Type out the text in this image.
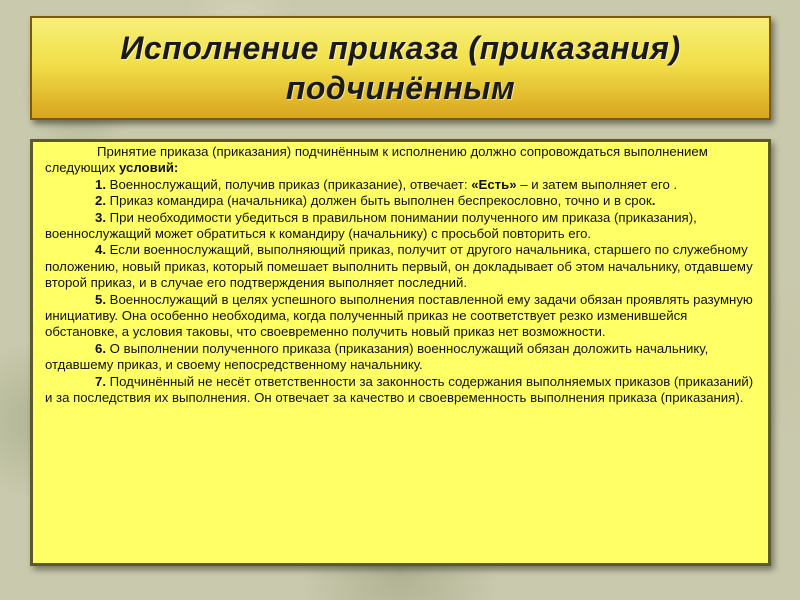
Исполнение приказа (приказания)
подчинённым

Принятие приказа (приказания) подчинённым к исполнению должно сопровождаться выполнением следующих условий:

1. Военнослужащий, получив приказ (приказание), отвечает: «Есть» – и затем выполняет его .

2. Приказ командира (начальника) должен быть выполнен беспрекословно, точно и в срок.

3. При необходимости убедиться в правильном понимании полученного им приказа (приказания), военнослужащий может обратиться к командиру (начальнику) с просьбой повторить его.

4. Если военнослужащий, выполняющий приказ, получит от другого начальника, старшего по служебному положению, новый приказ, который помешает выполнить первый, он докладывает об этом начальнику, отдавшему второй приказ, и в случае его подтверждения выполняет последний.

5. Военнослужащий в целях успешного выполнения поставленной ему задачи обязан проявлять разумную инициативу. Она особенно необходима, когда полученный приказ не соответствует резко изменившейся обстановке, а условия таковы, что своевременно получить новый приказ нет возможности.

6. О выполнении полученного приказа (приказания) военнослужащий обязан доложить начальнику, отдавшему приказ, и своему непосредственному начальнику.

7. Подчинённый не несёт ответственности за законность содержания выполняемых приказов (приказаний) и за последствия их выполнения. Он отвечает за качество и своевременность выполнения приказа (приказания).
